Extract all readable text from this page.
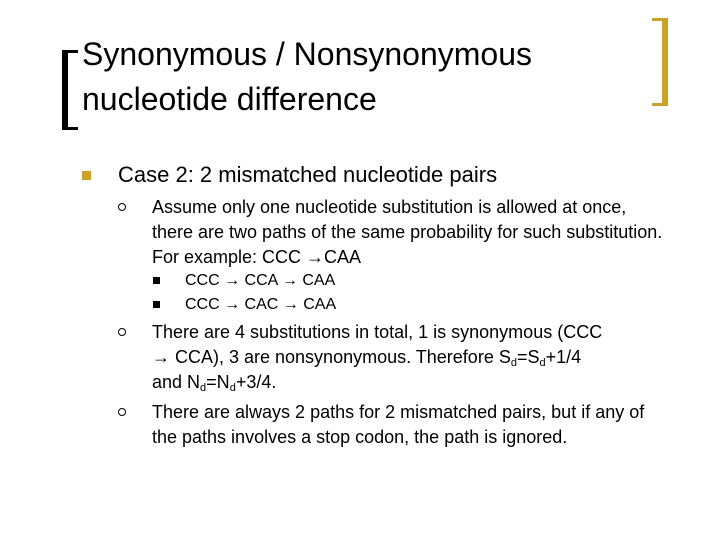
Synonymous / Nonsynonymous
nucleotide difference
Case 2: 2 mismatched nucleotide pairs
Assume only one nucleotide substitution is allowed at once, there are two paths of the same probability for such substitution. For example: CCC →CAA
CCC → CCA → CAA
CCC → CAC → CAA
There are 4 substitutions in total, 1 is synonymous (CCC
→ CCA), 3 are nonsynonymous. Therefore $S_d=S_d+1/4$
and $N_d=N_d+3/4$.
There are always 2 paths for 2 mismatched pairs, but if any of the paths involves a stop codon, the path is ignored.
